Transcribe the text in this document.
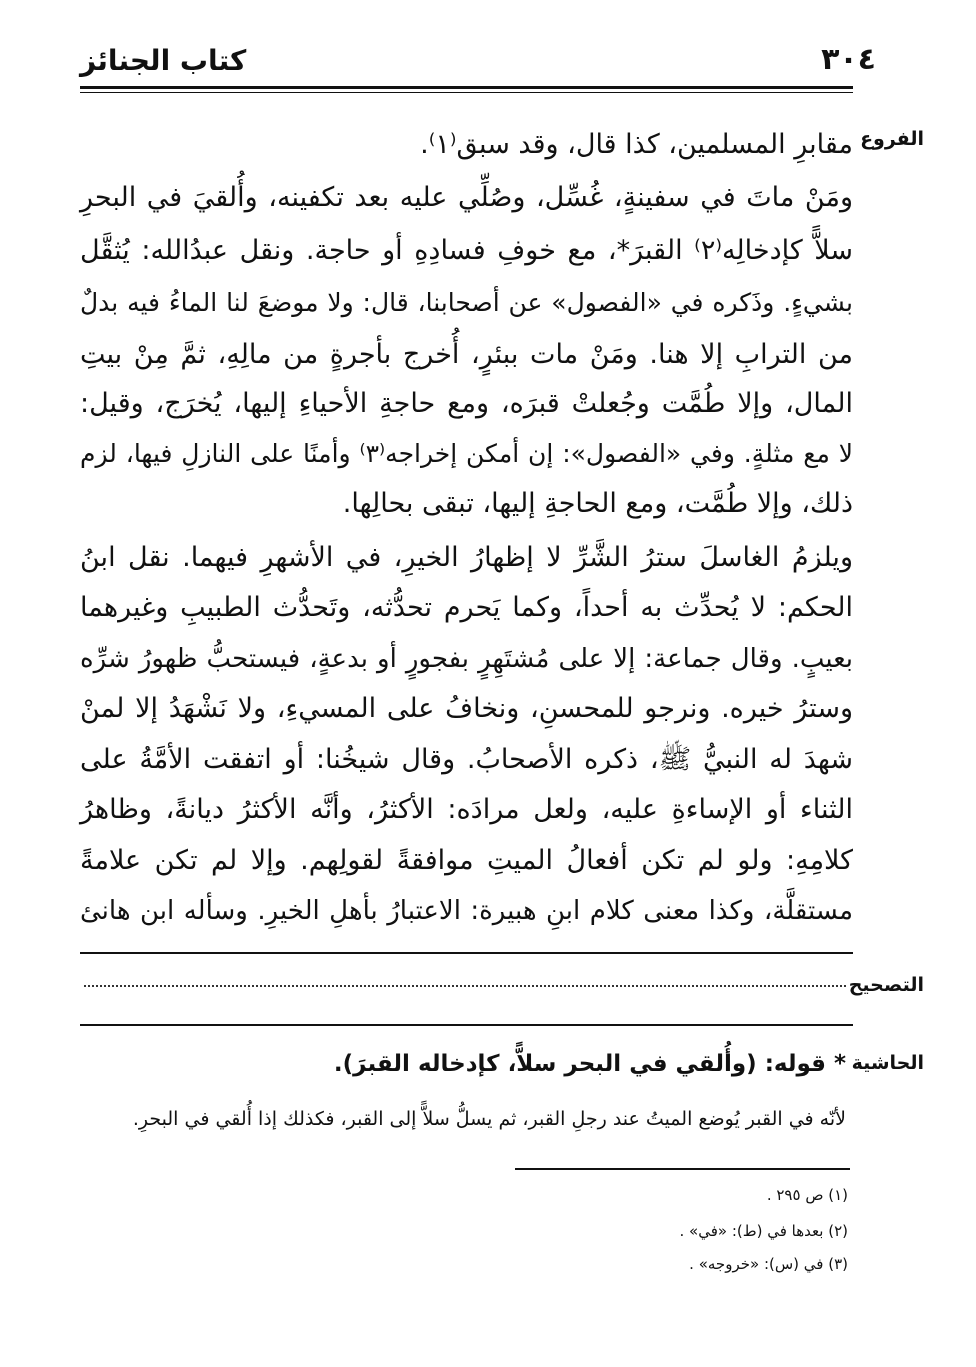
٣٠٤
كتاب الجنائز
الفروع
مقابرِ المسلمين، كذا قال، وقد سبق⁽١⁾.
ومَنْ ماتَ في سفينةٍ، غُسِّل، وصُلِّي عليه بعد تكفينه، وأُلقيَ في البحرِ
سلاًّ كإدخالِه⁽٢⁾ القبرَ*، مع خوفِ فسادِهِ أو حاجة. ونقل عبدُالله: يُثقَّل
بشيءٍ. وذَكره في «الفصول» عن أصحابنا، قال: ولا موضعَ لنا الماءُ فيه بدلٌ
من الترابِ إلا هنا. ومَنْ مات ببئرٍ، أُخرج بأجرةٍ من مالِهِ، ثمَّ مِنْ بيتِ
المال، وإلا طُمَّت وجُعلتْ قبرَه، ومع حاجةِ الأحياءِ إليها، يُخرَج، وقيل:
لا مع مثلةٍ. وفي «الفصول»: إن أمكن إخراجه⁽٣⁾ وأمنًا على النازلِ فيها، لزم
ذلك، وإلا طُمَّت، ومع الحاجةِ إليها، تبقى بحالِها.
ويلزمُ الغاسلَ سترُ الشَّرِّ لا إظهارُ الخيرِ، في الأشهرِ فيهما. نقل ابنُ
الحكم: لا يُحدِّث به أحداً، وكما يَحرم تحدُّثه، وتَحدُّث الطبيبِ وغيرهما
بعيبٍ. وقال جماعة: إلا على مُشتَهِرٍ بفجورٍ أو بدعةٍ، فيستحبُّ ظهورُ شرِّه
وسترُ خيره. ونرجو للمحسنِ، ونخافُ على المسيءِ، ولا نَشْهَدُ إلا لمنْ
شهدَ له النبيُّ ﷺ، ذكره الأصحابُ. وقال شيخُنا: أو اتفقت الأمَّةُ على
الثناء أو الإساءةِ عليه، ولعل مرادَه: الأكثرُ، وأنَّه الأكثرُ ديانةً، وظاهرُ
كلامِهِ: ولو لم تكن أفعالُ الميتِ موافقةً لقولِهم. وإلا لم تكن علامةً
مستقلَّة، وكذا معنى كلام ابنِ هبيرة: الاعتبارُ بأهلِ الخيرِ. وسأله ابن هانئ
التصحيح
الحاشية
* قوله: (وأُلقي في البحر سلاًّ، كإدخاله القبرَ).
لأنّه في القبر يُوضع الميتُ عند رجلِ القبر، ثم يسلُّ سلاًّ إلى القبر، فكذلك إذا أُلقي في البحرِ.
(١) ص ٢٩٥ .
(٢) بعدها في (ط): «في» .
(٣) في (س): «خروجه» .
